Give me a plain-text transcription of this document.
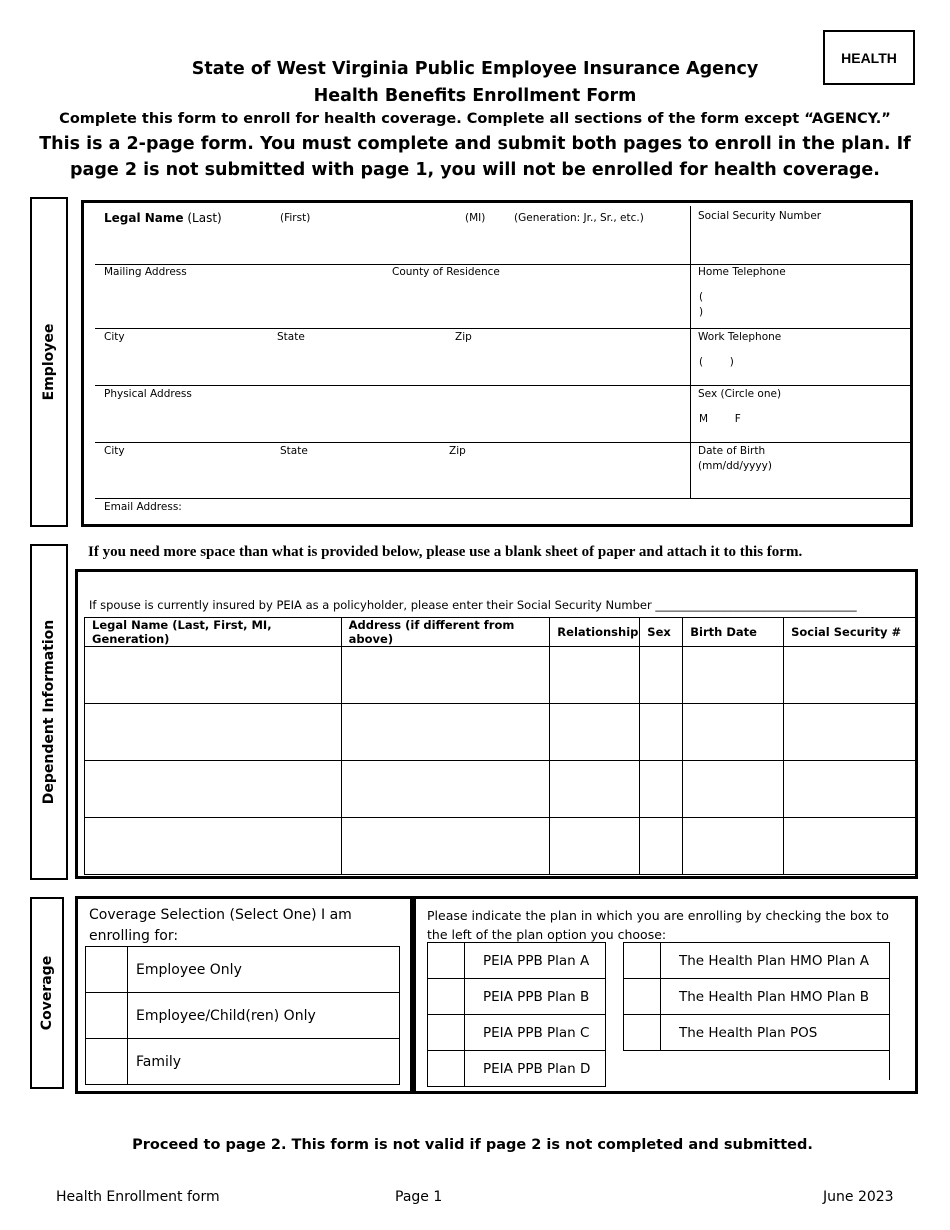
HEALTH
State of West Virginia Public Employee Insurance Agency
Health Benefits Enrollment Form
Complete this form to enroll for health coverage. Complete all sections of the form except “AGENCY.”
This is a 2-page form. You must complete and submit both pages to enroll in the plan. If
page 2 is not submitted with page 1, you will not be enrolled for health coverage.
Employee
Legal Name (Last)	(First)	(MI)	(Generation: Jr., Sr., etc.)	Social Security Number
Mailing Address	County of Residence	Home Telephone
(
)
City	State	Zip	Work Telephone
(        )
Physical Address	Sex (Circle one)
M        F
City	State	Zip	Date of Birth
(mm/dd/yyyy)
Email Address:
Dependent Information
If you need more space than what is provided below, please use a blank sheet of paper and attach it to this form.
If spouse is currently insured by PEIA as a policyholder, please enter their Social Security Number ___________________________________
Legal Name (Last, First, MI, Generation)	Address (if different from above)	Relationship	Sex	Birth Date	Social Security #

Coverage
Coverage Selection (Select One) I am enrolling for:
	Employee Only
	Employee/Child(ren) Only
	Family
Please indicate the plan in which you are enrolling by checking the box to the left of the plan option you choose:
	PEIA PPB Plan A
	PEIA PPB Plan B
	PEIA PPB Plan C
	PEIA PPB Plan D
	The Health Plan HMO Plan A
	The Health Plan HMO Plan B
	The Health Plan POS
Proceed to page 2. This form is not valid if page 2 is not completed and submitted.
Health Enrollment form	Page 1	June 2023
